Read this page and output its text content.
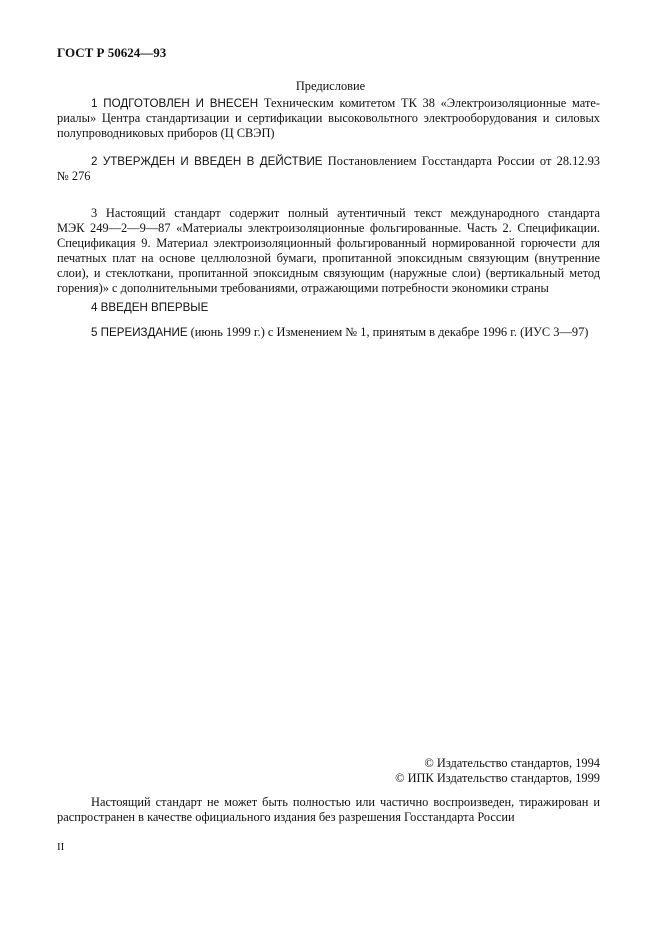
ГОСТ Р 50624—93
Предисловие
1 ПОДГОТОВЛЕН И ВНЕСЕН Техническим комитетом ТК 38 «Электроизоляционные мате-
риалы» Центра стандартизации и сертификации высоковольтного электрооборудования и силовых
полупроводниковых приборов (Ц СВЭП)
2 УТВЕРЖДЕН И ВВЕДЕН В ДЕЙСТВИЕ Постановлением Госстандарта России от 28.12.93
№ 276
3 Настоящий стандарт содержит полный аутентичный текст международного стандарта
МЭК 249—2—9—87 «Материалы электроизоляционные фольгированные. Часть 2. Спецификации.
Спецификация 9. Материал электроизоляционный фольгированный нормированной горючести для
печатных плат на основе целлюлозной бумаги, пропитанной эпоксидным связующим (внутренние
слои), и стеклоткани, пропитанной эпоксидным связующим (наружные слои) (вертикальный метод
горения)» с дополнительными требованиями, отражающими потребности экономики страны
4 ВВЕДЕН ВПЕРВЫЕ
5 ПЕРЕИЗДАНИЕ (июнь 1999 г.) с Изменением № 1, принятым в декабре 1996 г. (ИУС 3—97)
© Издательство стандартов, 1994
© ИПК Издательство стандартов, 1999
Настоящий стандарт не может быть полностью или частично воспроизведен, тиражирован и
распространен в качестве официального издания без разрешения Госстандарта России
II
